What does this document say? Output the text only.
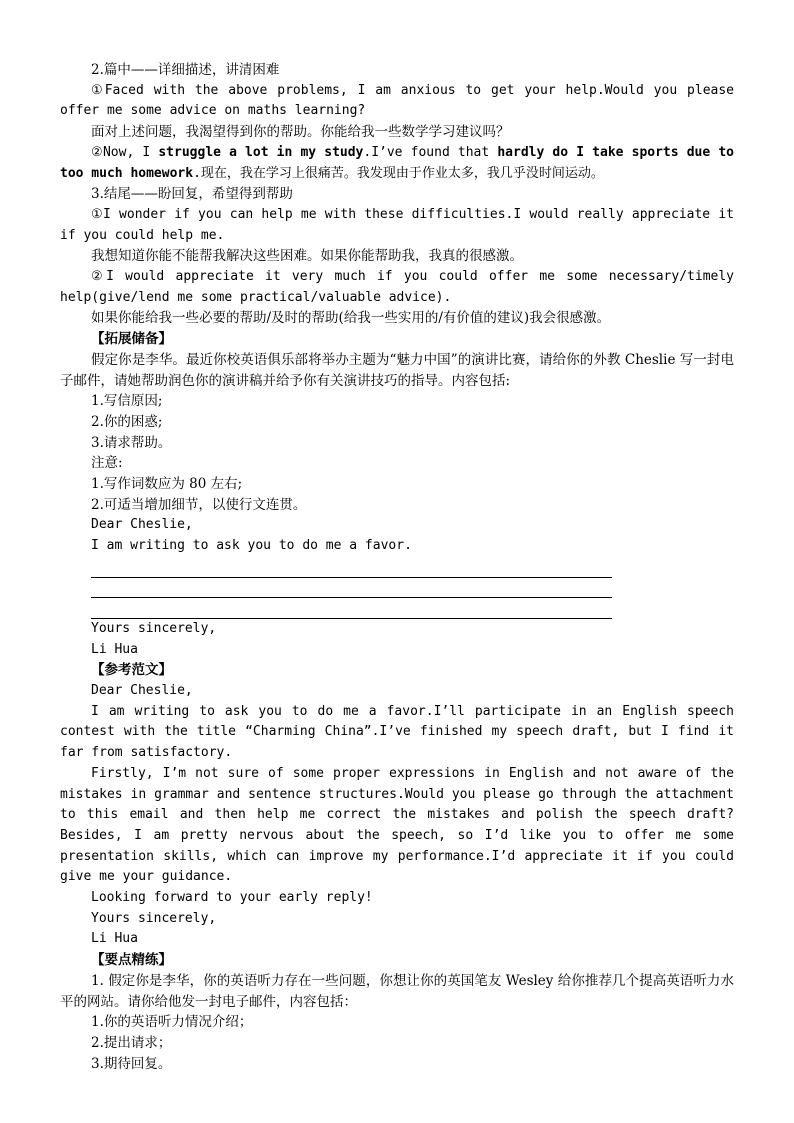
2.篇中——详细描述，讲清困难

①Faced with the above problems, I am anxious to get your help.Would you please offer me some advice on maths learning?

面对上述问题，我渴望得到你的帮助。你能给我一些数学学习建议吗？

②Now, I struggle a lot in my study.I’ve found that hardly do I take sports due to too much homework.现在，我在学习上很痛苦。我发现由于作业太多，我几乎没时间运动。

3.结尾——盼回复，希望得到帮助

①I wonder if you can help me with these difficulties.I would really appreciate it if you could help me.

我想知道你能不能帮我解决这些困难。如果你能帮助我，我真的很感激。

②I would appreciate it very much if you could offer me some necessary/timely help(give/lend me some practical/valuable advice).

如果你能给我一些必要的帮助/及时的帮助(给我一些实用的/有价值的建议)我会很感激。

【拓展储备】

假定你是李华。最近你校英语俱乐部将举办主题为“魅力中国”的演讲比赛，请给你的外教 Cheslie 写一封电子邮件，请她帮助润色你的演讲稿并给予你有关演讲技巧的指导。内容包括:

1.写信原因;

2.你的困惑;

3.请求帮助。

注意:

1.写作词数应为 80 左右;

2.可适当增加细节，以使行文连贯。

Dear Cheslie,

I am writing to ask you to do me a favor.

Yours sincerely,

Li Hua

【参考范文】

Dear Cheslie,

I am writing to ask you to do me a favor.I’ll participate in an English speech contest with the title “Charming China”.I’ve finished my speech draft, but I find it far from satisfactory.

Firstly, I’m not sure of some proper expressions in English and not aware of the mistakes in grammar and sentence structures.Would you please go through the attachment to this email and then help me correct the mistakes and polish the speech draft? Besides, I am pretty nervous about the speech, so I’d like you to offer me some presentation skills, which can improve my performance.I’d appreciate it if you could give me your guidance.

Looking forward to your early reply!

Yours sincerely,

Li Hua

【要点精练】

1. 假定你是李华，你的英语听力存在一些问题，你想让你的英国笔友 Wesley 给你推荐几个提高英语听力水平的网站。请你给他发一封电子邮件，内容包括：

1.你的英语听力情况介绍；

2.提出请求；

3.期待回复。
